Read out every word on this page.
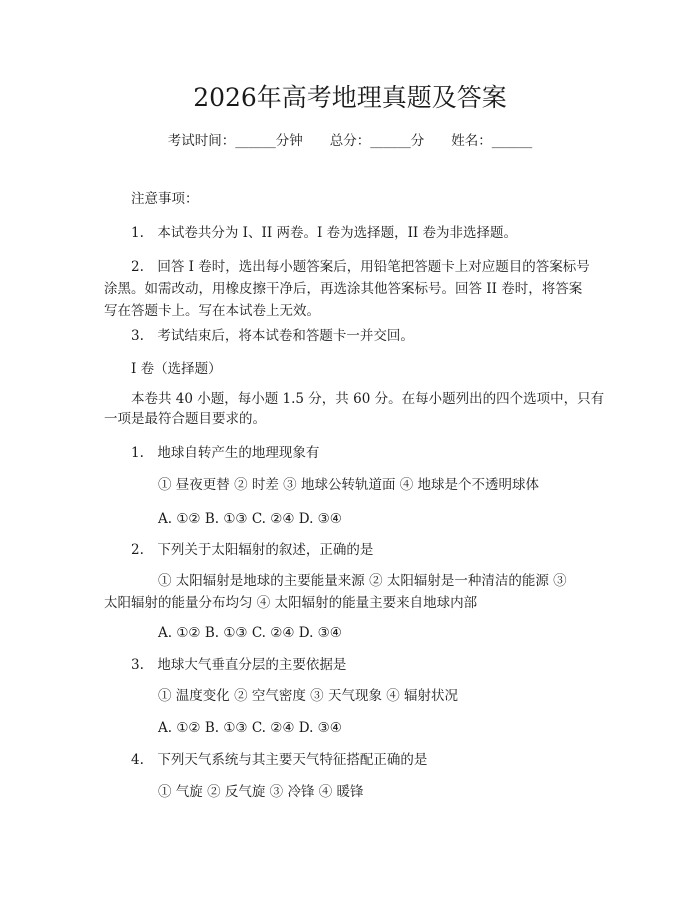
2026年高考地理真题及答案
考试时间：______分钟　　总分：______分　　姓名：______
注意事项：
1.　本试卷共分为 I、II 两卷。I 卷为选择题，II 卷为非选择题。
2.　回答 I 卷时，选出每小题答案后，用铅笔把答题卡上对应题目的答案标号
涂黑。如需改动，用橡皮擦干净后，再选涂其他答案标号。回答 II 卷时，将答案
写在答题卡上。写在本试卷上无效。
3.　考试结束后，将本试卷和答题卡一并交回。
I 卷（选择题）
本卷共 40 小题，每小题 1.5 分，共 60 分。在每小题列出的四个选项中，只有
一项是最符合题目要求的。
1.　地球自转产生的地理现象有
① 昼夜更替 ② 时差 ③ 地球公转轨道面 ④ 地球是个不透明球体
A. ①② B. ①③ C. ②④ D. ③④
2.　下列关于太阳辐射的叙述，正确的是
① 太阳辐射是地球的主要能量来源 ② 太阳辐射是一种清洁的能源 ③
太阳辐射的能量分布均匀 ④ 太阳辐射的能量主要来自地球内部
A. ①② B. ①③ C. ②④ D. ③④
3.　地球大气垂直分层的主要依据是
① 温度变化 ② 空气密度 ③ 天气现象 ④ 辐射状况
A. ①② B. ①③ C. ②④ D. ③④
4.　下列天气系统与其主要天气特征搭配正确的是
① 气旋 ② 反气旋 ③ 冷锋 ④ 暖锋
